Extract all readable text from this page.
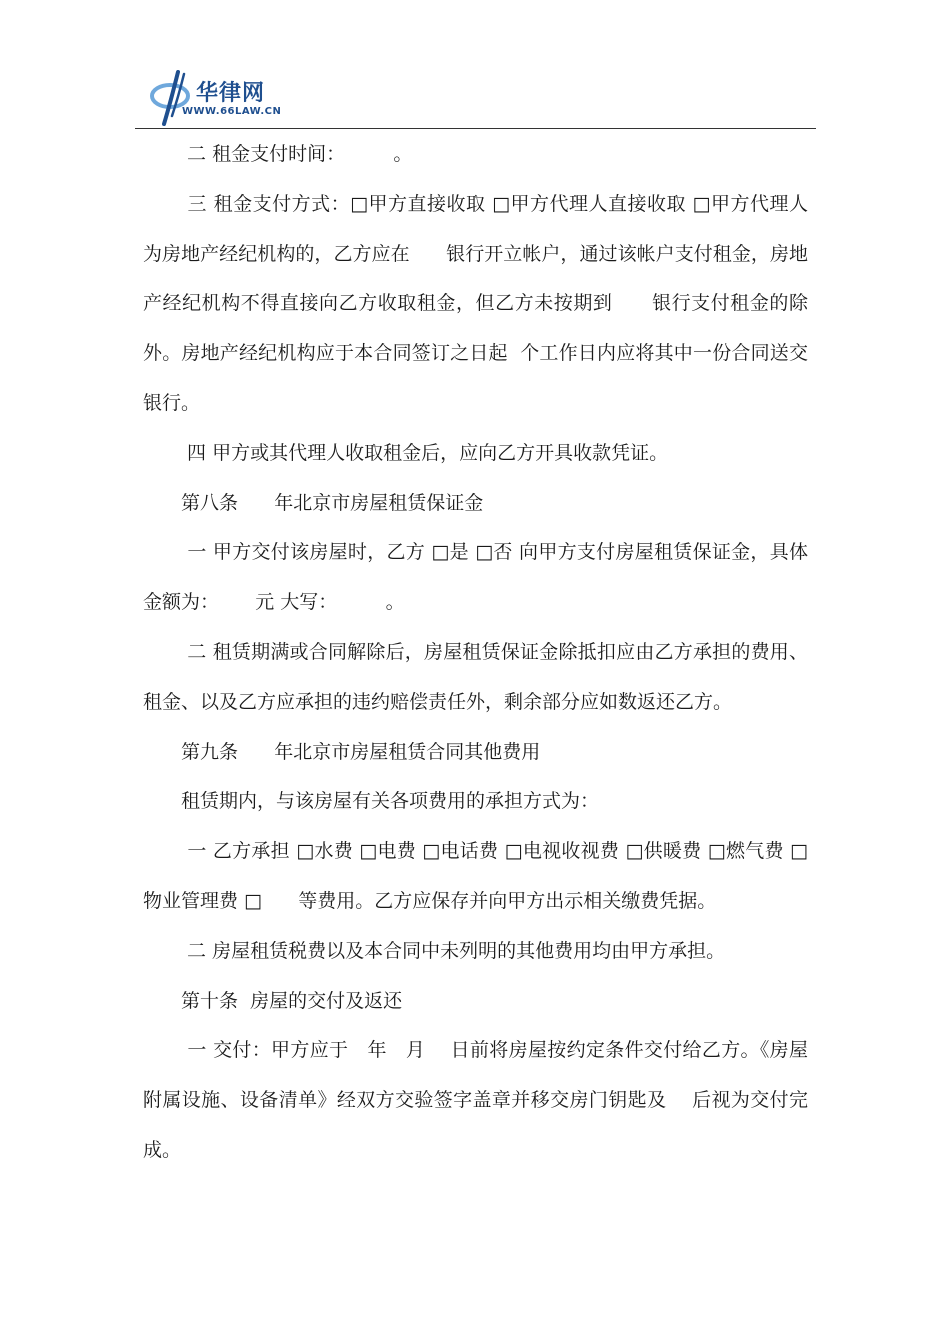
华律网
WWW.66LAW.CN

二 租金支付时间：        。

三 租金支付方式：□甲方直接收取 □甲方代理人直接收取 □甲方代理人为房地产经纪机构的，乙方应在      银行开立帐户，通过该帐户支付租金，房地产经纪机构不得直接向乙方收取租金，但乙方未按期到      银行支付租金的除外。房地产经纪机构应于本合同签订之日起  个工作日内应将其中一份合同送交      银行。

四 甲方或其代理人收取租金后，应向乙方开具收款凭证。

第八条      年北京市房屋租赁保证金

一 甲方交付该房屋时，乙方 □是 □否 向甲方支付房屋租赁保证金，具体金额为：      元 大写：        。

二 租赁期满或合同解除后，房屋租赁保证金除抵扣应由乙方承担的费用、租金、以及乙方应承担的违约赔偿责任外，剩余部分应如数返还乙方。

第九条      年北京市房屋租赁合同其他费用

租赁期内，与该房屋有关各项费用的承担方式为：

一 乙方承担 □水费 □电费 □电话费 □电视收视费 □供暖费 □燃气费 □物业管理费 □      等费用。乙方应保存并向甲方出示相关缴费凭据。

二 房屋租赁税费以及本合同中未列明的其他费用均由甲方承担。

第十条  房屋的交付及返还

一 交付：甲方应于   年   月    日前将房屋按约定条件交付给乙方。《房屋附属设施、设备清单》经双方交验签字盖章并移交房门钥匙及    后视为交付完成。
